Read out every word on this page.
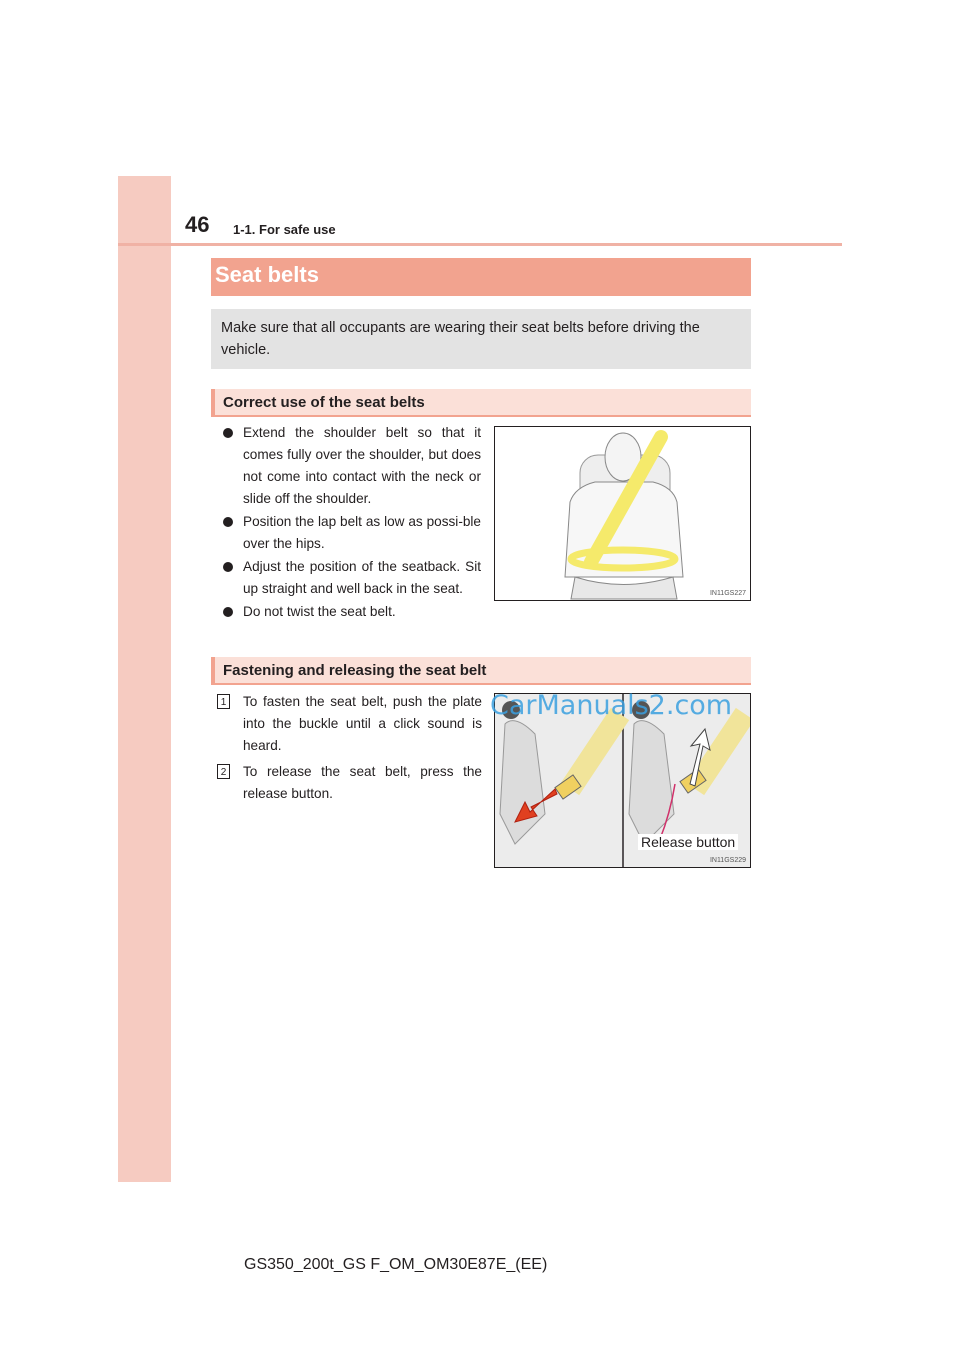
46 1-1. For safe use
Seat belts
Make sure that all occupants are wearing their seat belts before driving the vehicle.
Correct use of the seat belts
Extend the shoulder belt so that it comes fully over the shoulder, but does not come into contact with the neck or slide off the shoulder.
Position the lap belt as low as possi-ble over the hips.
Adjust the position of the seatback. Sit up straight and well back in the seat.
Do not twist the seat belt.
IN11GS227
Fastening and releasing the seat belt
1	To fasten the seat belt, push the plate into the buckle until a click sound is heard.
2	To release the seat belt, press the release button.
IN11GS229
Release button
CarManuals2.com
GS350_200t_GS F_OM_OM30E87E_(EE)
